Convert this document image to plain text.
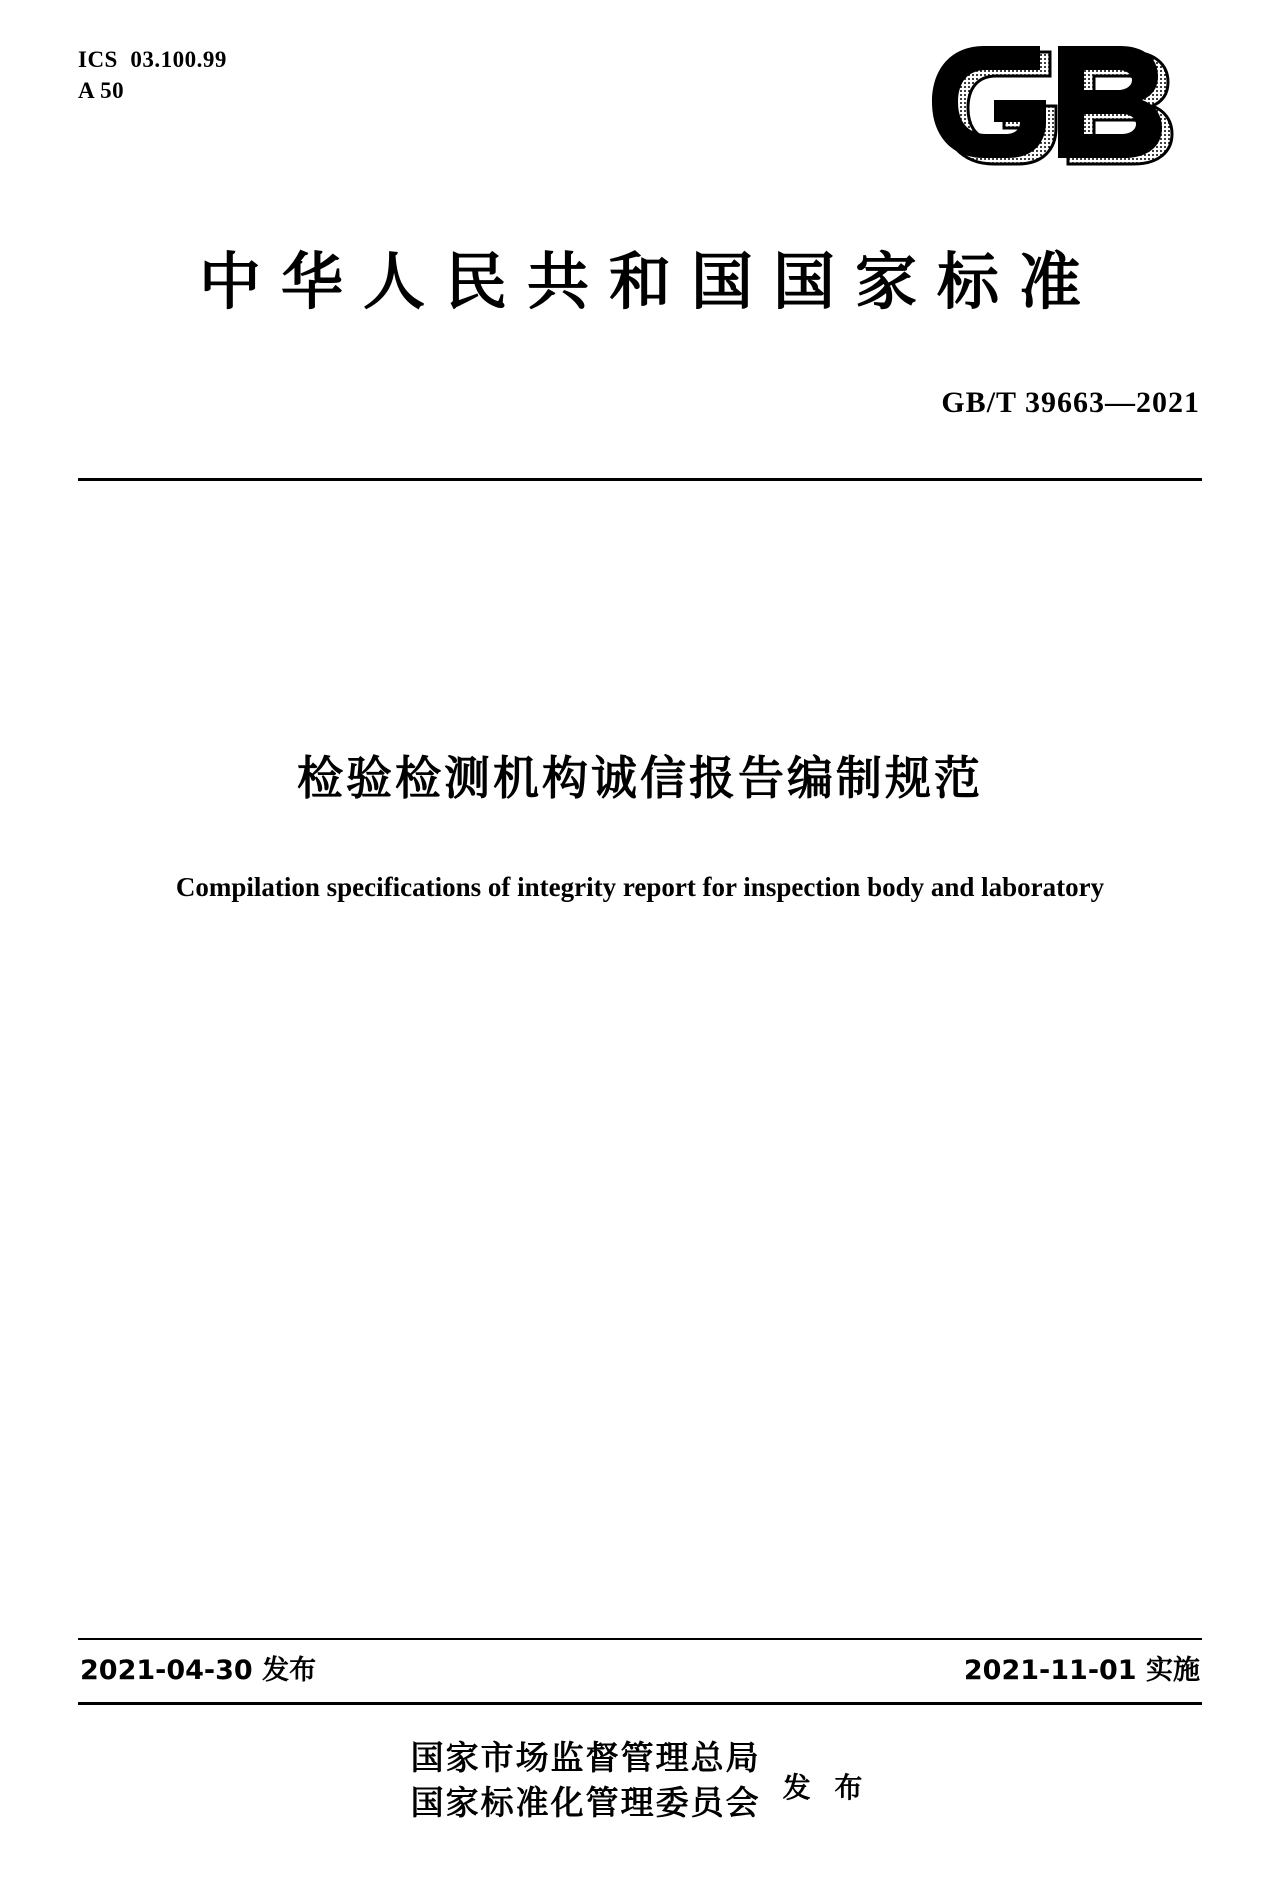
ICS  03.100.99
A 50
中华人民共和国国家标准
GB/T 39663—2021
检验检测机构诚信报告编制规范
Compilation specifications of integrity report for inspection body and laboratory
2021-04-30 发布	2021-11-01 实施
国家市场监督管理总局
国家标准化管理委员会 发 布
